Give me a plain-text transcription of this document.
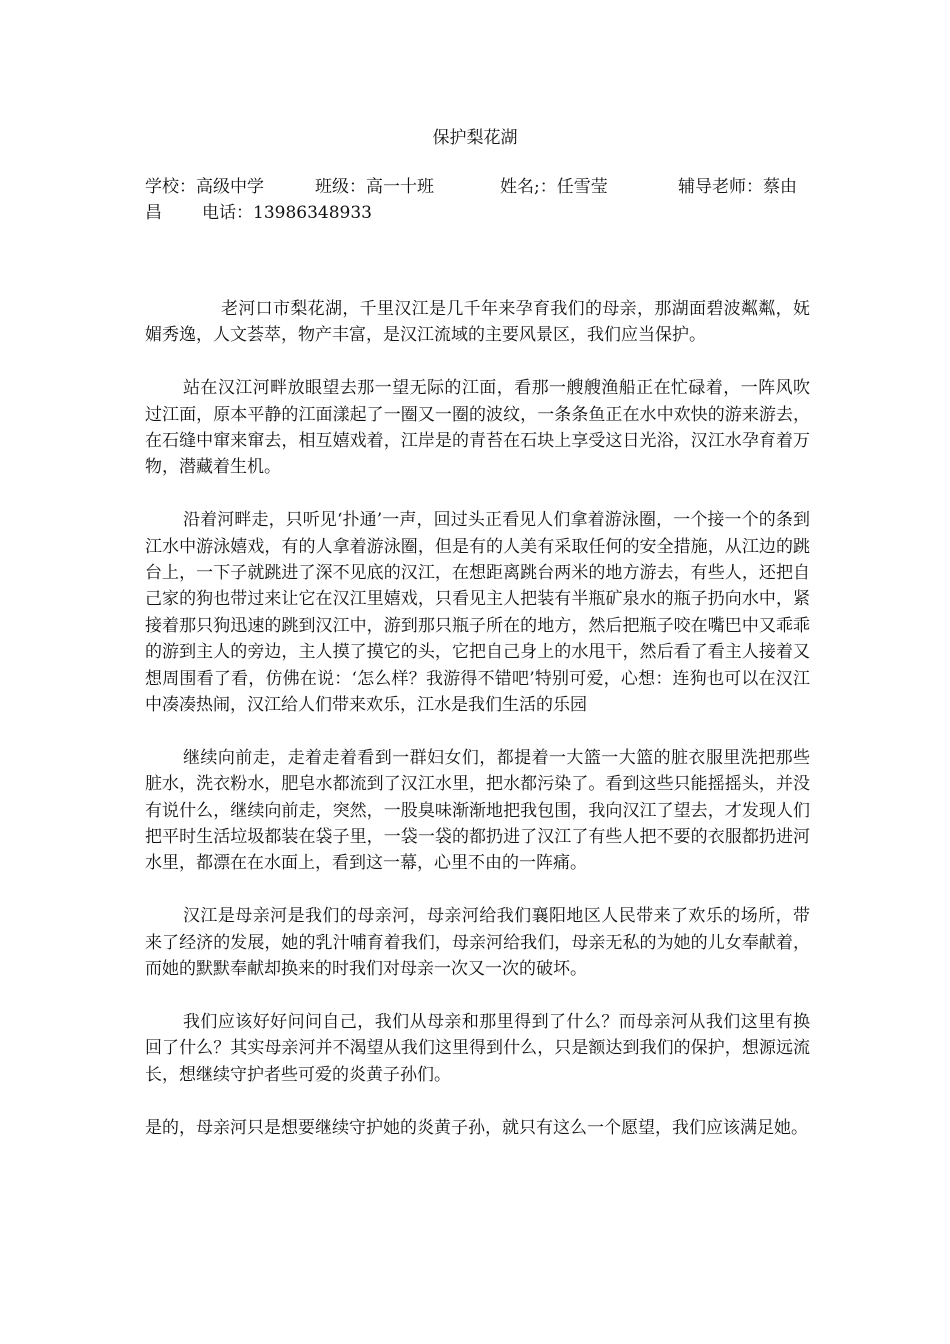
保护梨花湖
学校：高级中学	班级：高一十班	姓名;：任雪莹	辅导老师：蔡由
昌 电话：13986348933

老河口市梨花湖，千里汉江是几千年来孕育我们的母亲，那湖面碧波粼粼，妩媚秀逸，人文荟萃，物产丰富，是汉江流域的主要风景区，我们应当保护。

站在汉江河畔放眼望去那一望无际的江面，看那一艘艘渔船正在忙碌着，一阵风吹过江面，原本平静的江面漾起了一圈又一圈的波纹，一条条鱼正在水中欢快的游来游去，在石缝中窜来窜去，相互嬉戏着，江岸是的青苔在石块上享受这日光浴，汉江水孕育着万物，潜藏着生机。

沿着河畔走，只听见‘扑通’一声，回过头正看见人们拿着游泳圈，一个接一个的条到江水中游泳嬉戏，有的人拿着游泳圈，但是有的人美有采取任何的安全措施，从江边的跳台上，一下子就跳进了深不见底的汉江，在想距离跳台两米的地方游去，有些人，还把自己家的狗也带过来让它在汉江里嬉戏，只看见主人把装有半瓶矿泉水的瓶子扔向水中，紧接着那只狗迅速的跳到汉江中，游到那只瓶子所在的地方，然后把瓶子咬在嘴巴中又乖乖的游到主人的旁边，主人摸了摸它的头，它把自己身上的水甩干，然后看了看主人接着又想周围看了看，仿佛在说：‘怎么样？我游得不错吧’特别可爱，心想：连狗也可以在汉江中凑凑热闹，汉江给人们带来欢乐，江水是我们生活的乐园

继续向前走，走着走着看到一群妇女们，都提着一大篮一大篮的脏衣服里洗把那些脏水，洗衣粉水，肥皂水都流到了汉江水里，把水都污染了。看到这些只能摇摇头，并没有说什么，继续向前走，突然，一股臭味渐渐地把我包围，我向汉江了望去，才发现人们把平时生活垃圾都装在袋子里，一袋一袋的都扔进了汉江了有些人把不要的衣服都扔进河水里，都漂在在水面上，看到这一幕，心里不由的一阵痛。

汉江是母亲河是我们的母亲河，母亲河给我们襄阳地区人民带来了欢乐的场所，带来了经济的发展，她的乳汁哺育着我们，母亲河给我们，母亲无私的为她的儿女奉献着，而她的默默奉献却换来的时我们对母亲一次又一次的破坏。

我们应该好好问问自己，我们从母亲和那里得到了什么？而母亲河从我们这里有换回了什么？其实母亲河并不渴望从我们这里得到什么，只是额达到我们的保护，想源远流长，想继续守护者些可爱的炎黄子孙们。

是的，母亲河只是想要继续守护她的炎黄子孙，就只有这么一个愿望，我们应该满足她。
